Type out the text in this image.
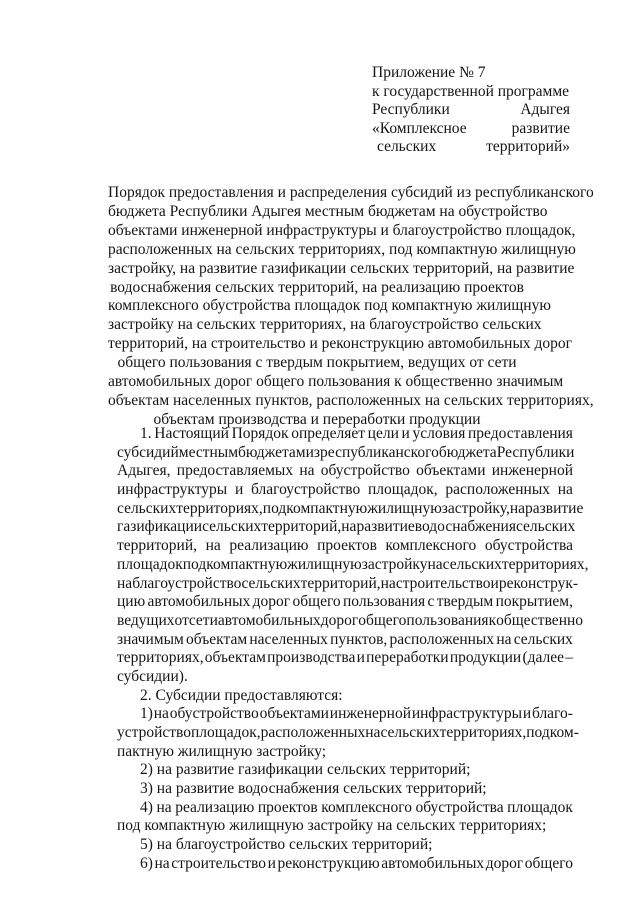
Приложение № 7
к государственной программе
Республики	Адыгея
«Комплексное	развитие
сельских	территорий»
Порядок предоставления и распределения субсидий из республиканского
бюджета Республики Адыгея местным бюджетам на обустройство
объектами инженерной инфраструктуры и благоустройство площадок,
расположенных на сельских территориях, под компактную жилищную
застройку, на развитие газификации сельских территорий, на развитие
водоснабжения сельских территорий, на реализацию проектов
комплексного обустройства площадок под компактную жилищную
застройку на сельских территориях, на благоустройство сельских
территорий, на строительство и реконструкцию автомобильных дорог
общего пользования с твердым покрытием, ведущих от сети
автомобильных дорог общего пользования к общественно значимым
объектам населенных пунктов, расположенных на сельских территориях,
объектам производства и переработки продукции
1. Настоящий Порядок определяет цели и условия предоставления
субсидий местным бюджетам из республиканского бюджета Республики
Адыгея, предоставляемых на обустройство объектами инженерной
инфраструктуры и благоустройство площадок, расположенных на
сельских территориях, под компактную жилищную застройку, на развитие
газификации сельских территорий, на развитие водоснабжения сельских
территорий, на реализацию проектов комплексного обустройства
площадок под компактную жилищную застройку на сельских территориях,
на благоустройство сельских территорий, на строительство и реконструк-
цию автомобильных дорог общего пользования с твердым покрытием,
ведущих от сети автомобильных дорог общего пользования к общественно
значимым объектам населенных пунктов, расположенных на сельских
территориях, объектам производства и переработки продукции (далее –
субсидии).
2. Субсидии предоставляются:
1) на обустройство объектами инженерной инфраструктуры и благо-
устройство площадок, расположенных на сельских территориях, под ком-
пактную жилищную застройку;
2) на развитие газификации сельских территорий;
3) на развитие водоснабжения сельских территорий;
4) на реализацию проектов комплексного обустройства площадок
под компактную жилищную застройку на сельских территориях;
5) на благоустройство сельских территорий;
6) на строительство и реконструкцию автомобильных дорог общего
